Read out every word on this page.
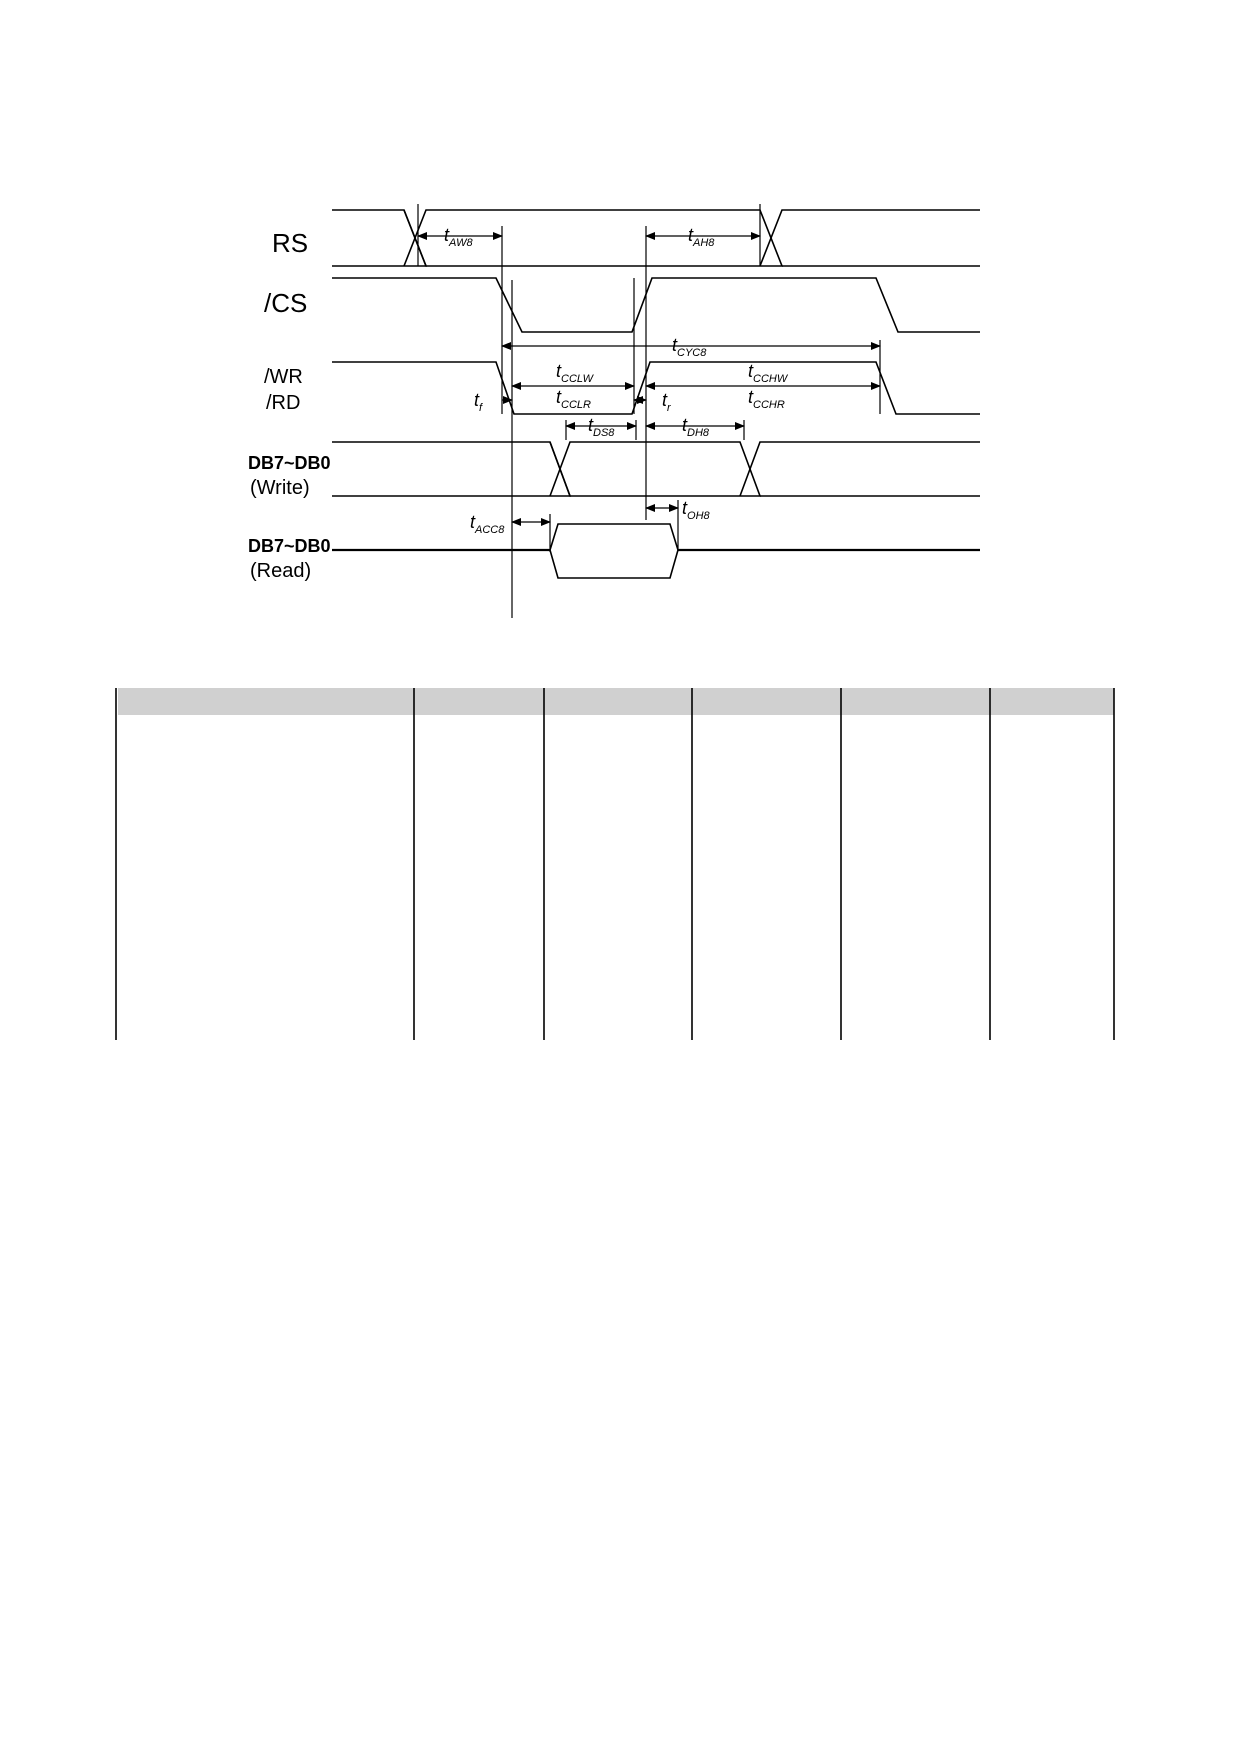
RS
/CS
/WR
/RD
DB7~DB0
(Write)
DB7~DB0
(Read)
$t_{AW8}$	$t_{AH8}$
$t_{CYC8}$
$t_{CCLW}$	$t_{CCHW}$
$t_{CCLR}$	$t_{CCHR}$
$t_f$	$t_r$
$t_{DS8}$	$t_{DH8}$
$t_{OH8}$
$t_{ACC8}$
